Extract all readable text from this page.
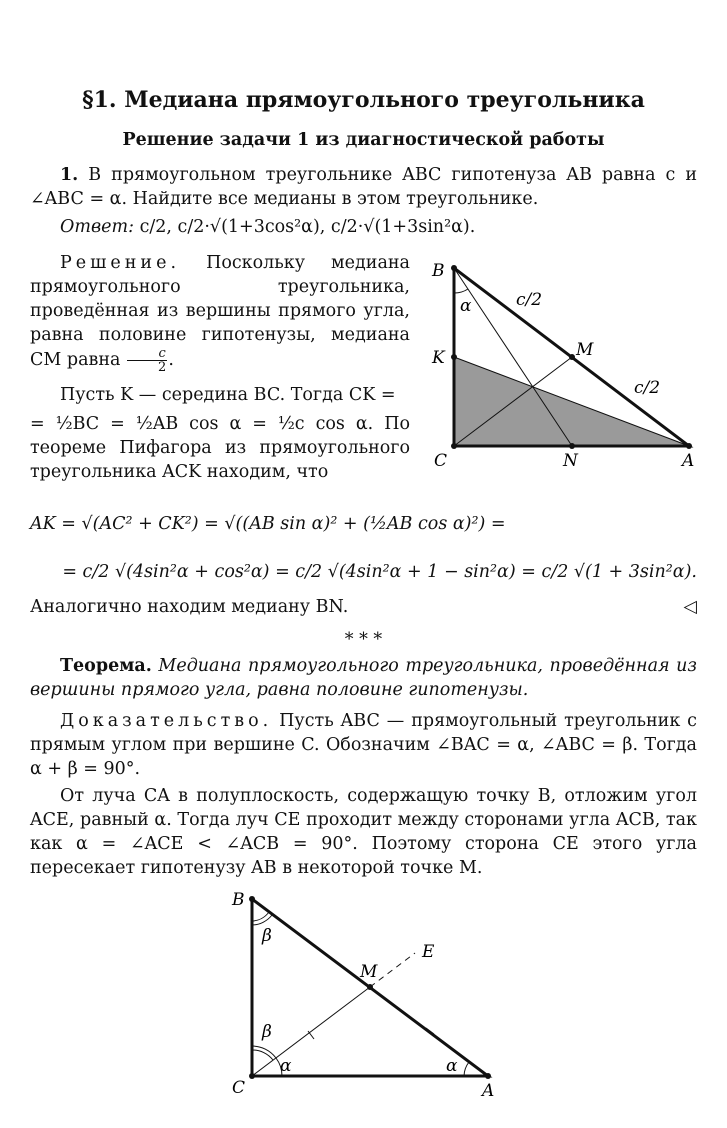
§1. Медиана прямоугольного треугольника
Решение задачи 1 из диагностической работы
1. В прямоугольном треугольнике ABC гипотенуза AB равна c и ∠ABC = α. Найдите все медианы в этом треугольнике.
Ответ: c/2, c/2·√(1+3cos²α), c/2·√(1+3sin²α).
Решение. Поскольку медиана прямоугольного треугольника, проведённая из вершины прямого угла, равна половине гипотенузы, медиана CM равна $\frac{c}{2}$ .
Пусть K — середина BC. Тогда CK =
= ½BC = ½AB cos α = ½c cos α. По теореме Пифагора из прямоугольного треугольника ACK находим, что
AK = √(AC² + CK²) = √((AB sin α)² + (½AB cos α)²) =
= c/2 √(4sin²α + cos²α) = c/2 √(4sin²α + 1 − sin²α) = c/2 √(1 + 3sin²α).
Аналогично находим медиану BN.	◁
* * *
Теорема. Медиана прямоугольного треугольника, проведённая из вершины прямого угла, равна половине гипотенузы.
Доказательство. Пусть ABC — прямоугольный треугольник с прямым углом при вершине C. Обозначим ∠BAC = α, ∠ABC = β. Тогда α + β = 90°.
От луча CA в полуплоскость, содержащую точку B, отложим угол ACE, равный α. Тогда луч CE проходит между сторонами угла ACB, так как α = ∠ACE < ∠ACB = 90°. Поэтому сторона CE этого угла пересекает гипотенузу AB в некоторой точке M.
B
K
C	N	A
M
α	c/2
c/2
B
C	A
M
E
β
β
α	α
